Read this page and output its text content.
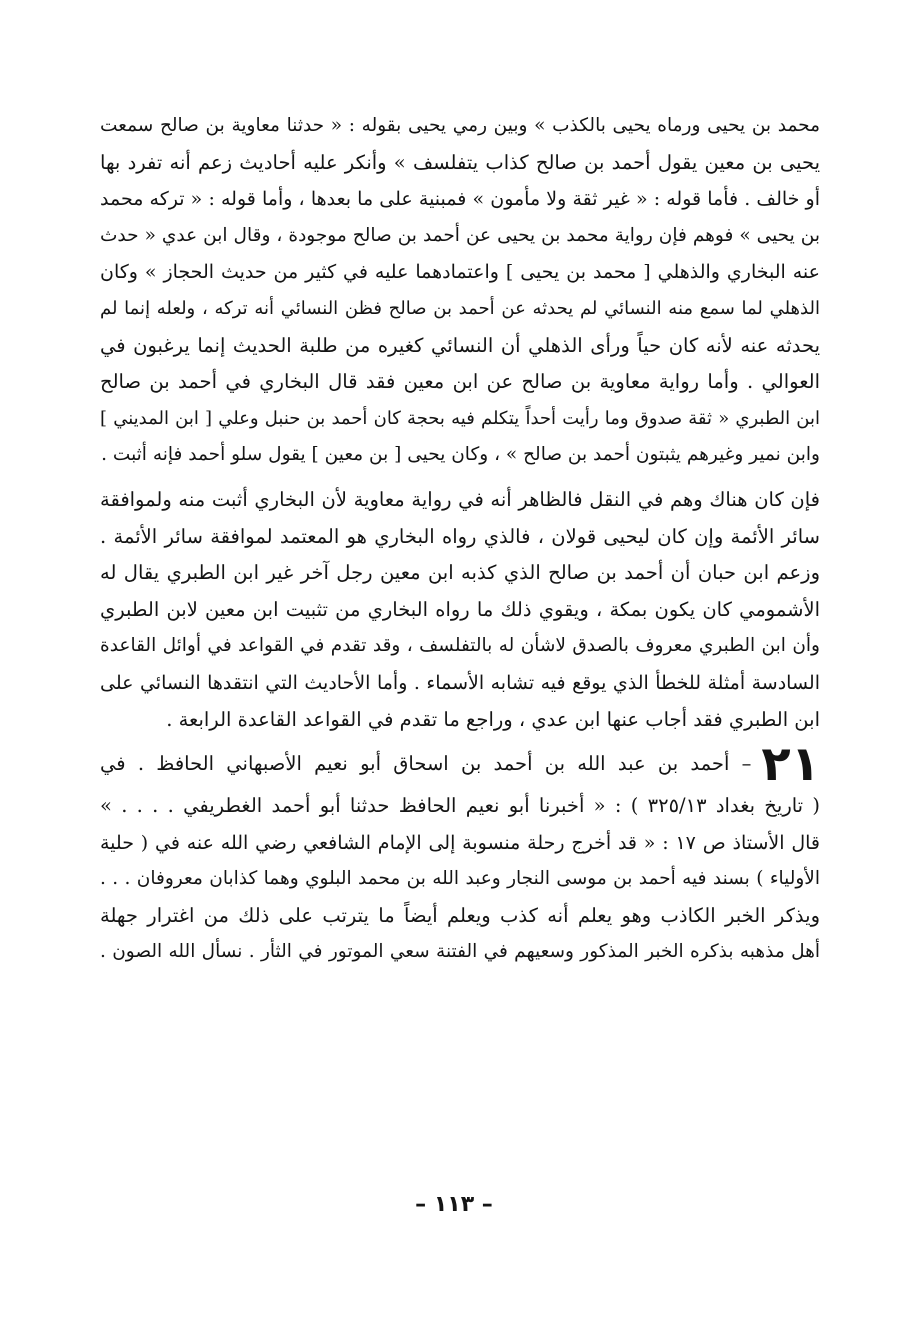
محمد بن يحيى ورماه يحيى بالكذب » وبين رمي يحيى بقوله : « حدثنا معاوية بن صالح سمعت
يحيى بن معين يقول أحمد بن صالح كذاب يتفلسف » وأنكر عليه أحاديث زعم أنه تفرد بها
أو خالف . فأما قوله : « غير ثقة ولا مأمون » فمبنية على ما بعدها ، وأما قوله : « تركه محمد
بن يحيى » فوهم فإن رواية محمد بن يحيى عن أحمد بن صالح موجودة ، وقال ابن عدي « حدث
عنه البخاري والذهلي [ محمد بن يحيى ] واعتمادهما عليه في كثير من حديث الحجاز » وكان
الذهلي لما سمع منه النسائي لم يحدثه عن أحمد بن صالح فظن النسائي أنه تركه ، ولعله إنما لم
يحدثه عنه لأنه كان حياً ورأى الذهلي أن النسائي كغيره من طلبة الحديث إنما يرغبون في
العوالي . وأما رواية معاوية بن صالح عن ابن معين فقد قال البخاري في أحمد بن صالح
ابن الطبري « ثقة صدوق وما رأيت أحداً يتكلم فيه بحجة كان أحمد بن حنبل وعلي [ ابن المديني ]
وابن نمير وغيرهم يثبتون أحمد بن صالح » ، وكان يحيى [ بن معين ] يقول سلو أحمد فإنه أثبت .
فإن كان هناك وهم في النقل فالظاهر أنه في رواية معاوية لأن البخاري أثبت منه ولموافقة
سائر الأئمة وإن كان ليحيى قولان ، فالذي رواه البخاري هو المعتمد لموافقة سائر الأئمة .
وزعم ابن حبان أن أحمد بن صالح الذي كذبه ابن معين رجل آخر غير ابن الطبري يقال له
الأشمومي كان يكون بمكة ، ويقوي ذلك ما رواه البخاري من تثبيت ابن معين لابن الطبري
وأن ابن الطبري معروف بالصدق لاشأن له بالتفلسف ، وقد تقدم في القواعد في أوائل القاعدة
السادسة أمثلة للخطأ الذي يوقع فيه تشابه الأسماء . وأما الأحاديث التي انتقدها النسائي على
ابن الطبري فقد أجاب عنها ابن عدي ، وراجع ما تقدم في القواعد القاعدة الرابعة .
٢١
– أحمد بن عبد الله بن أحمد بن اسحاق أبو نعيم الأصبهاني الحافظ . في
( تاريخ بغداد ٣٢٥/١٣ ) : « أخبرنا أبو نعيم الحافظ حدثنا أبو أحمد الغطريفي . . . . »
قال الأستاذ ص ١٧ : « قد أخرج رحلة منسوبة إلى الإمام الشافعي رضي الله عنه في ( حلية
الأولياء ) بسند فيه أحمد بن موسى النجار وعبد الله بن محمد البلوي وهما كذابان معروفان . . .
ويذكر الخبر الكاذب وهو يعلم أنه كذب ويعلم أيضاً ما يترتب على ذلك من اغترار جهلة
أهل مذهبه بذكره الخبر المذكور وسعيهم في الفتنة سعي الموتور في الثأر . نسأل الله الصون .
– ١١٣ –
